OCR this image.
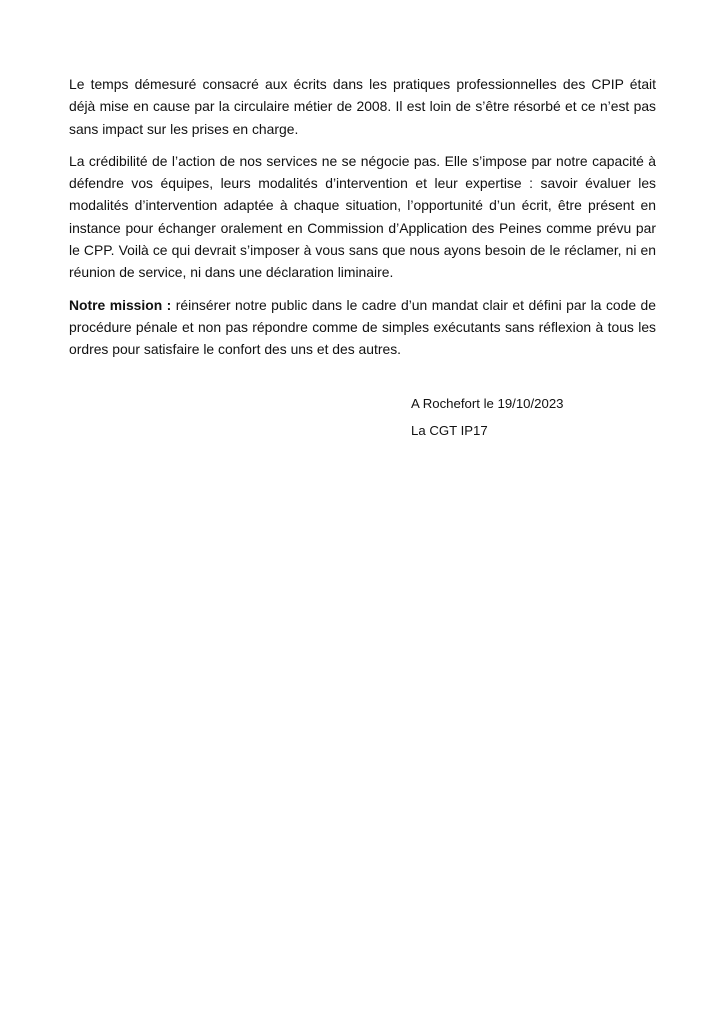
Le temps démesuré consacré aux écrits dans les pratiques professionnelles des CPIP était déjà mise en cause par la circulaire métier de 2008. Il est loin de s’être résorbé et ce n’est pas sans impact sur les prises en charge.

La crédibilité de l’action de nos services ne se négocie pas. Elle s’impose par notre capacité à défendre vos équipes, leurs modalités d’intervention et leur expertise : savoir évaluer les modalités d’intervention adaptée à chaque situation, l’opportunité d’un écrit, être présent en instance pour échanger oralement en Commission d’Application des Peines comme prévu par le CPP. Voilà ce qui devrait s’imposer à vous sans que nous ayons besoin de le réclamer, ni en réunion de service, ni dans une déclaration liminaire.

Notre mission : réinsérer notre public dans le cadre d’un mandat clair et défini par la code de procédure pénale et non pas répondre comme de simples exécutants sans réflexion à tous les ordres pour satisfaire le confort des uns et des autres.

A Rochefort le 19/10/2023
La CGT IP17
